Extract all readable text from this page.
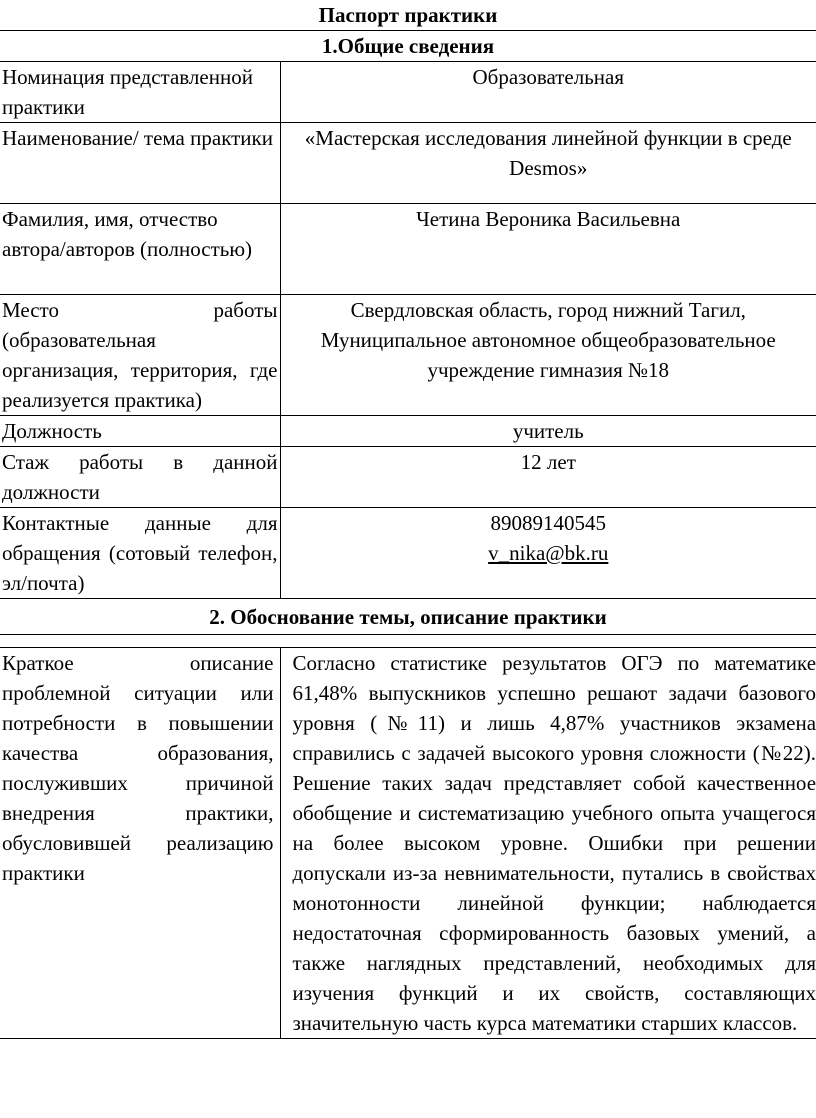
Паспорт практики
1.Общие сведения	
Номинация представленной практики	Образовательная
Наименование/ тема практики	«Мастерская исследования линейной функции в среде Desmos»
Фамилия, имя, отчество автора/авторов (полностью)	Четина Вероника Васильевна
Место работы (образовательная организация, территория, где реализуется практика)	Свердловская область, город нижний Тагил, Муниципальное автономное общеобразовательное учреждение гимназия №18
Должность	учитель
Стаж работы в данной должности	12 лет
Контактные данные для обращения (сотовый телефон, эл/почта)	89089140545
v_nika@bk.ru

2. Обоснование темы, описание практики	

Краткое описание проблемной ситуации или потребности в повышении качества образования, послуживших причиной внедрения практики, обусловившей реализацию практики	Согласно статистике результатов ОГЭ по математике 61,48% выпускников успешно решают задачи базового уровня (№11) и лишь 4,87% участников экзамена справились с задачей высокого уровня сложности (№22). Решение таких задач представляет собой качественное обобщение и систематизацию учебного опыта учащегося на более высоком уровне. Ошибки при решении допускали из-за невнимательности, путались в свойствах монотонности линейной функции; наблюдается недостаточная сформированность базовых умений, а также наглядных представлений, необходимых для изучения функций и их свойств, составляющих значительную часть курса математики старших классов.
